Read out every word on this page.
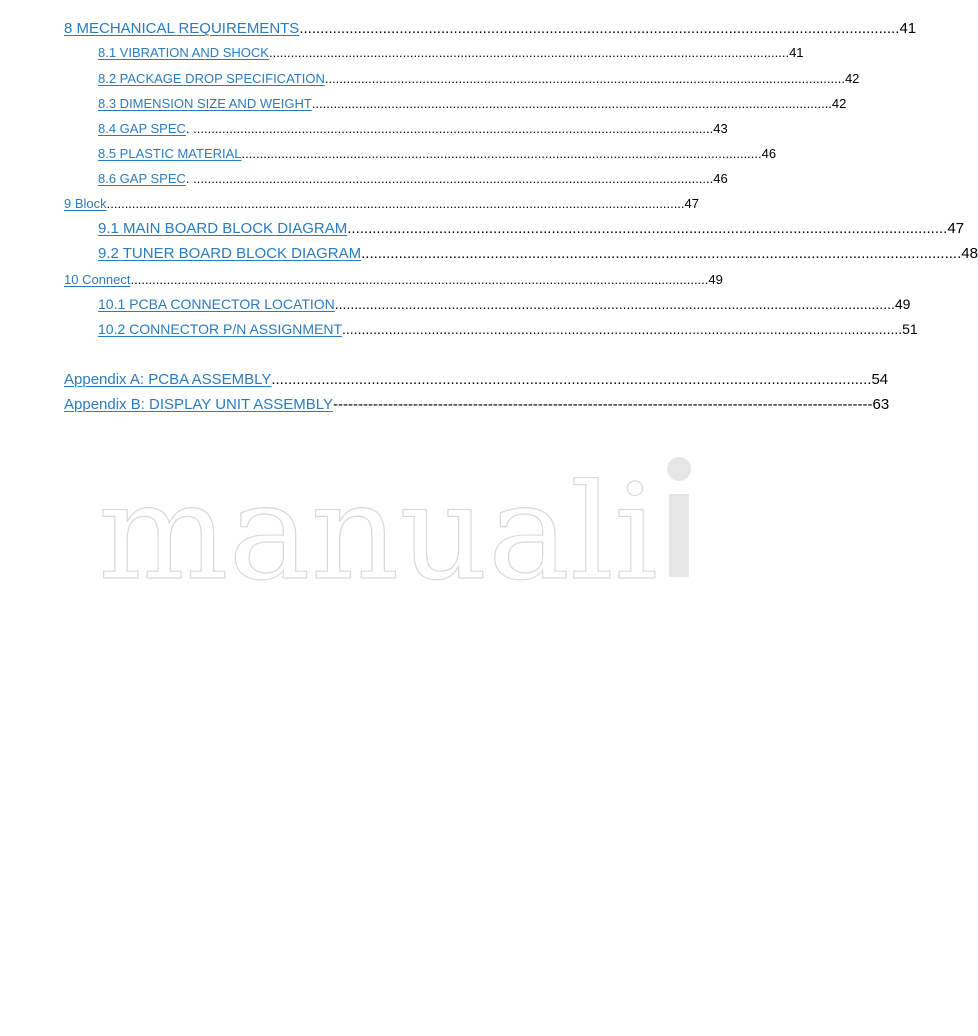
8 MECHANICAL REQUIREMENTS ................................................................................................................................................ 41
8.1 VIBRATION AND SHOCK ................................................................................................................................................ 41
8.2 PACKAGE DROP SPECIFICATION ................................................................................................................................................ 42
8.3 DIMENSION SIZE AND WEIGHT ................................................................................................................................................ 42
8.4 GAP SPEC . ................................................................................................................................................ 43
8.5 PLASTIC MATERIAL ................................................................................................................................................ 46
8.6 GAP SPEC . ................................................................................................................................................ 46
9 Block ................................................................................................................................................................ 47
9.1 MAIN BOARD BLOCK DIAGRAM ................................................................................................................................................ 47
9.2 TUNER BOARD BLOCK DIAGRAM ................................................................................................................................................ 48
10 Connect ................................................................................................................................................................ 49
10.1 PCBA CONNECTOR LOCATION ................................................................................................................................................ 49
10.2 CONNECTOR P/N ASSIGNMENT ................................................................................................................................................ 51
Appendix A: PCBA ASSEMBLY ................................................................................................................................................ 54
Appendix B: DISPLAY UNIT ASSEMBLY ------------------------------------------------------------------------------------------------------------ 63
manuali
